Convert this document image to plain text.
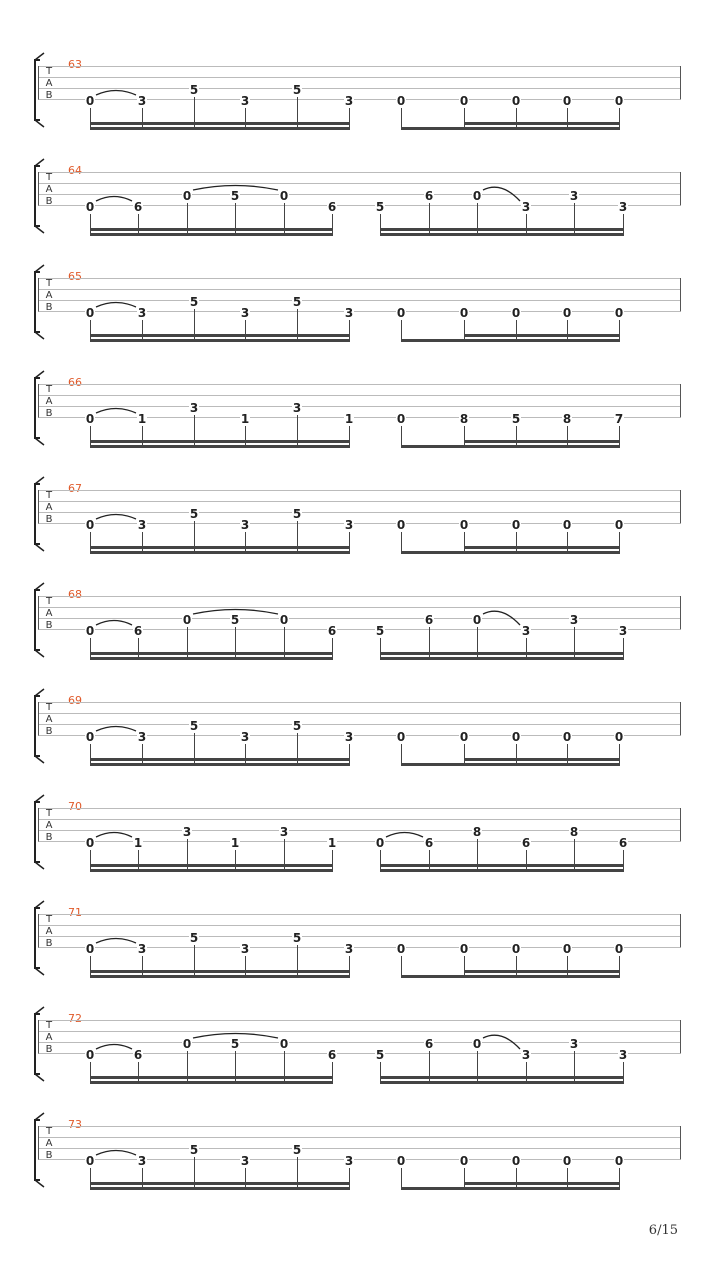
63
T
A
B	0	3
5
3
5
3	0	0	0	0	0
64
T
A
B	0	6
0	5	0
6	5
6	0
3
3
3
65
T
A
B	0	3
5
3
5
3	0	0	0	0	0
66
T
A
B	0	1
3
1
3
1	0	8	5	8	7
67
T
A
B	0	3
5
3
5
3	0	0	0	0	0
68
T
A
B	0	6
0	5	0
6	5
6	0
3
3
3
69
T
A
B	0	3
5
3
5
3	0	0	0	0	0
70
T
A
B	0	1
3
1
3
1	0	6
8
6
8
6
71
T
A
B	0	3
5
3
5
3	0	0	0	0	0
72
T
A
B	0	6
0	5	0
6	5
6	0
3
3
3
73
T
A
B	0	3
5
3
5
3	0	0	0	0	0
6/15
